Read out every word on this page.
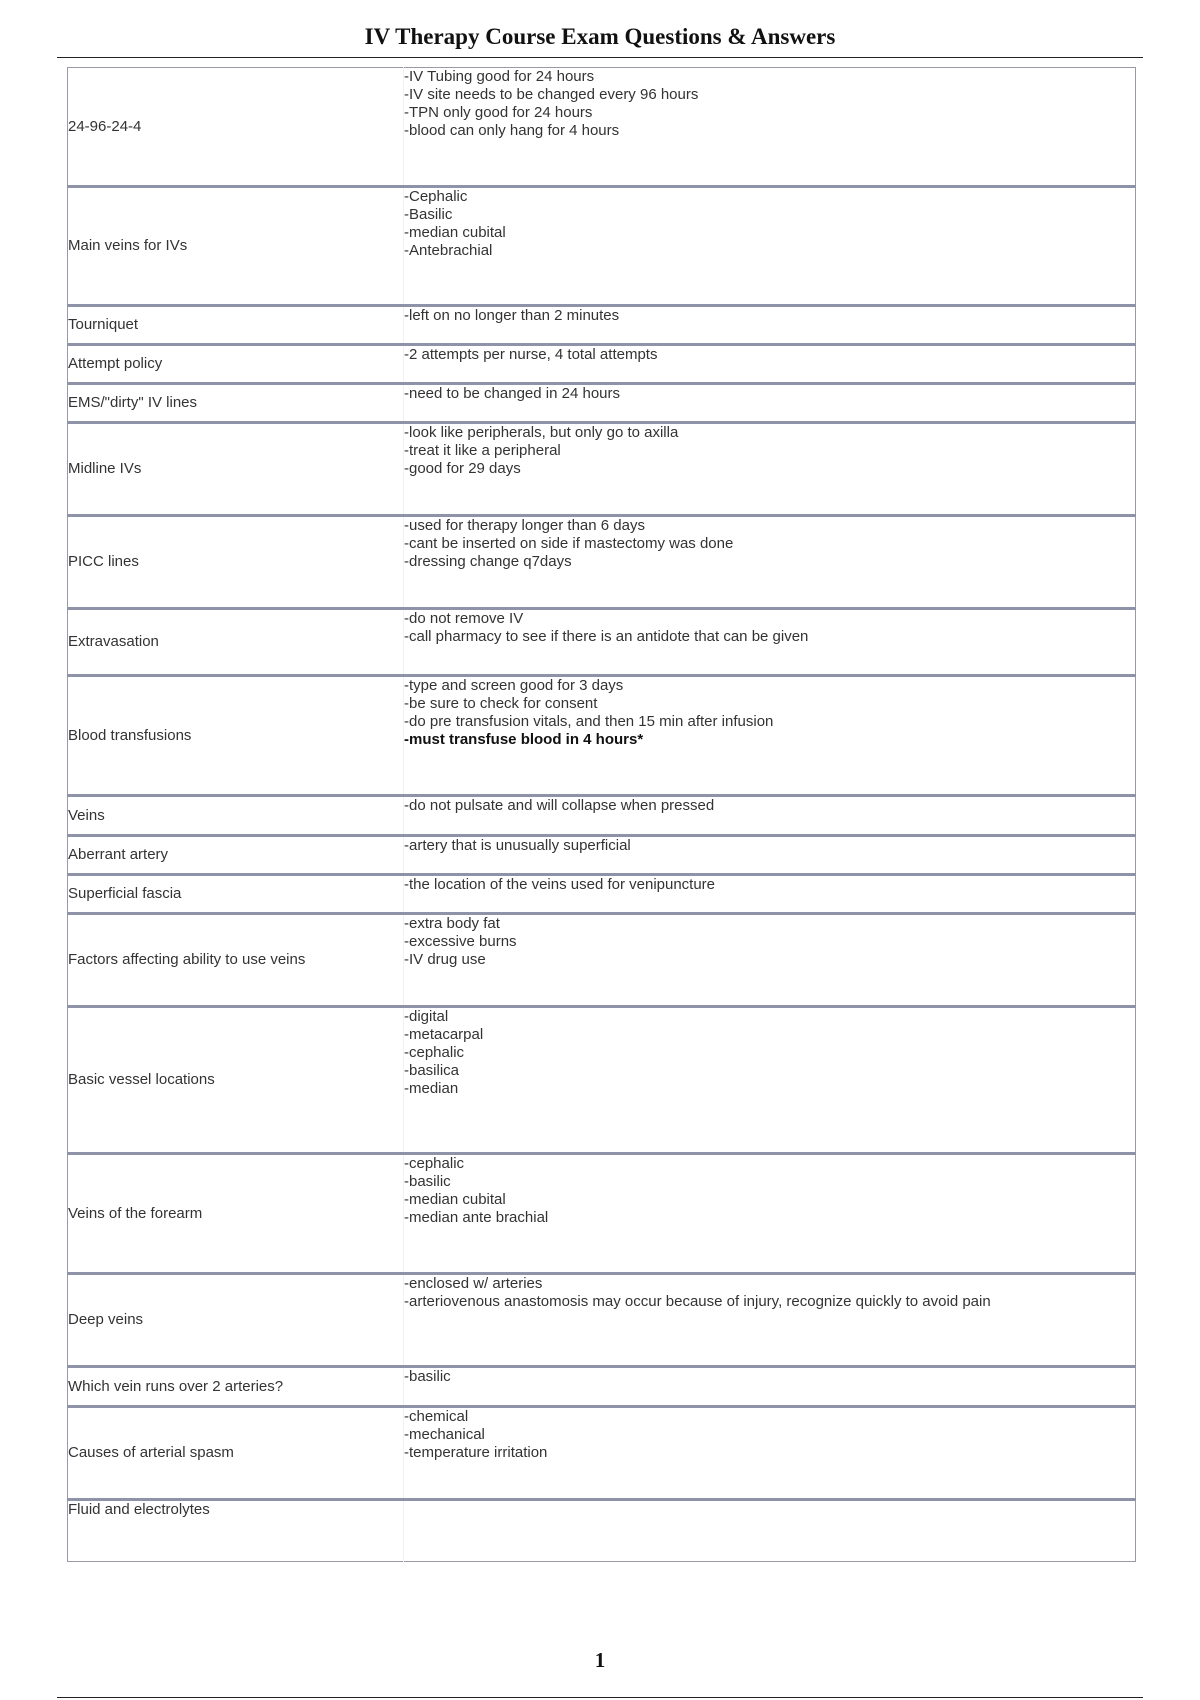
IV Therapy Course Exam Questions & Answers
24-96-24-4	-IV Tubing good for 24 hours
-IV site needs to be changed every 96 hours
-TPN only good for 24 hours
-blood can only hang for 4 hours

Main veins for IVs	-Cephalic
-Basilic
-median cubital
-Antebrachial

Tourniquet	-left on no longer than 2 minutes

Attempt policy	-2 attempts per nurse, 4 total attempts

EMS/"dirty" IV lines	-need to be changed in 24 hours

Midline IVs	-look like peripherals, but only go to axilla
-treat it like a peripheral
-good for 29 days

PICC lines	-used for therapy longer than 6 days
-cant be inserted on side if mastectomy was done
-dressing change q7days

Extravasation	-do not remove IV
-call pharmacy to see if there is an antidote that can be given

Blood transfusions	-type and screen good for 3 days
-be sure to check for consent
-do pre transfusion vitals, and then 15 min after infusion
-must transfuse blood in 4 hours*

Veins	-do not pulsate and will collapse when pressed

Aberrant artery	-artery that is unusually superficial

Superficial fascia	-the location of the veins used for venipuncture

Factors affecting ability to use veins	-extra body fat
-excessive burns
-IV drug use

Basic vessel locations	-digital
-metacarpal
-cephalic
-basilica
-median

Veins of the forearm	-cephalic
-basilic
-median cubital
-median ante brachial

Deep veins	-enclosed w/ arteries
-arteriovenous anastomosis may occur because of injury, recognize quickly to avoid pain

Which vein runs over 2 arteries?	-basilic

Causes of arterial spasm	-chemical
-mechanical
-temperature irritation

Fluid and electrolytes	
1
